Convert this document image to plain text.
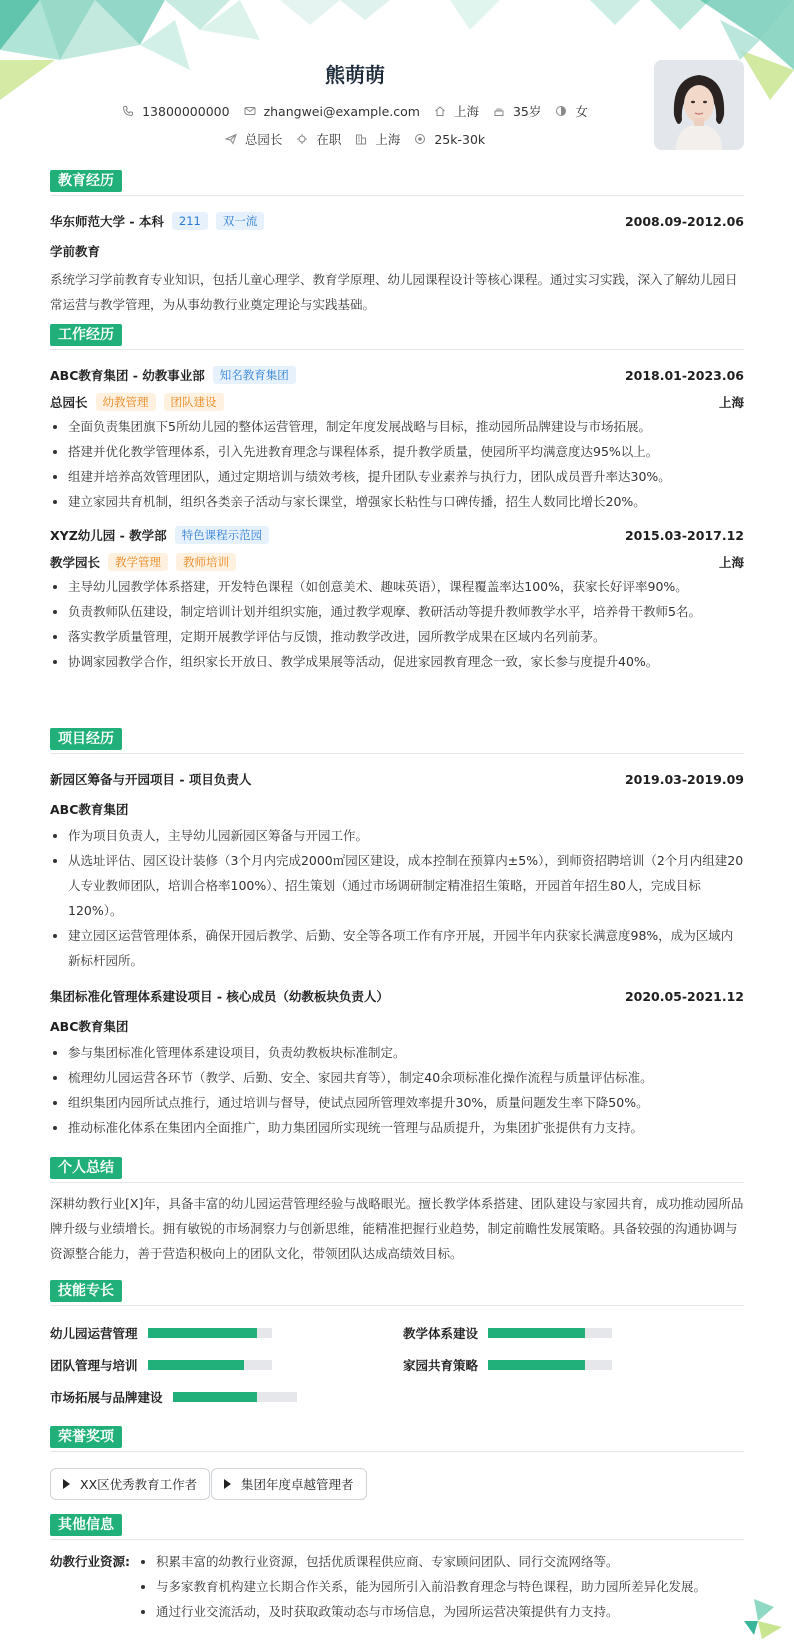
熊萌萌
13800000000	zhangwei@example.com	上海	35岁	女
总园长	在职	上海	25k-30k
教育经历
华东师范大学 - 本科	211	双一流	2008.09-2012.06
学前教育
系统学习学前教育专业知识，包括儿童心理学、教育学原理、幼儿园课程设计等核心课程。通过实习实践，深入了解幼儿园日常运营与教学管理，为从事幼教行业奠定理论与实践基础。
工作经历
ABC教育集团 - 幼教事业部	知名教育集团	2018.01-2023.06
总园长	幼教管理	团队建设	上海
全面负责集团旗下5所幼儿园的整体运营管理，制定年度发展战略与目标，推动园所品牌建设与市场拓展。
搭建并优化教学管理体系，引入先进教育理念与课程体系，提升教学质量，使园所平均满意度达95%以上。
组建并培养高效管理团队，通过定期培训与绩效考核，提升团队专业素养与执行力，团队成员晋升率达30%。
建立家园共育机制，组织各类亲子活动与家长课堂，增强家长粘性与口碑传播，招生人数同比增长20%。
XYZ幼儿园 - 教学部	特色课程示范园	2015.03-2017.12
教学园长	教学管理	教师培训	上海
主导幼儿园教学体系搭建，开发特色课程（如创意美术、趣味英语），课程覆盖率达100%，获家长好评率90%。
负责教师队伍建设，制定培训计划并组织实施，通过教学观摩、教研活动等提升教师教学水平，培养骨干教师5名。
落实教学质量管理，定期开展教学评估与反馈，推动教学改进，园所教学成果在区域内名列前茅。
协调家园教学合作，组织家长开放日、教学成果展等活动，促进家园教育理念一致，家长参与度提升40%。
项目经历
新园区筹备与开园项目 - 项目负责人	2019.03-2019.09
ABC教育集团
作为项目负责人，主导幼儿园新园区筹备与开园工作。
从选址评估、园区设计装修（3个月内完成2000㎡园区建设，成本控制在预算内±5%），到师资招聘培训（2个月内组建20人专业教师团队，培训合格率100%）、招生策划（通过市场调研制定精准招生策略，开园首年招生80人，完成目标120%）。
建立园区运营管理体系，确保开园后教学、后勤、安全等各项工作有序开展，开园半年内获家长满意度98%，成为区域内新标杆园所。
集团标准化管理体系建设项目 - 核心成员（幼教板块负责人）	2020.05-2021.12
ABC教育集团
参与集团标准化管理体系建设项目，负责幼教板块标准制定。
梳理幼儿园运营各环节（教学、后勤、安全、家园共育等），制定40余项标准化操作流程与质量评估标准。
组织集团内园所试点推行，通过培训与督导，使试点园所管理效率提升30%，质量问题发生率下降50%。
推动标准化体系在集团内全面推广，助力集团园所实现统一管理与品质提升，为集团扩张提供有力支持。
个人总结
深耕幼教行业[X]年，具备丰富的幼儿园运营管理经验与战略眼光。擅长教学体系搭建、团队建设与家园共育，成功推动园所品牌升级与业绩增长。拥有敏锐的市场洞察力与创新思维，能精准把握行业趋势，制定前瞻性发展策略。具备较强的沟通协调与资源整合能力，善于营造积极向上的团队文化，带领团队达成高绩效目标。
技能专长
幼儿园运营管理	教学体系建设
团队管理与培训	家园共育策略
市场拓展与品牌建设
荣誉奖项
XX区优秀教育工作者	集团年度卓越管理者
其他信息
幼教行业资源:	积累丰富的幼教行业资源，包括优质课程供应商、专家顾问团队、同行交流网络等。
与多家教育机构建立长期合作关系，能为园所引入前沿教育理念与特色课程，助力园所差异化发展。
通过行业交流活动，及时获取政策动态与市场信息，为园所运营决策提供有力支持。
